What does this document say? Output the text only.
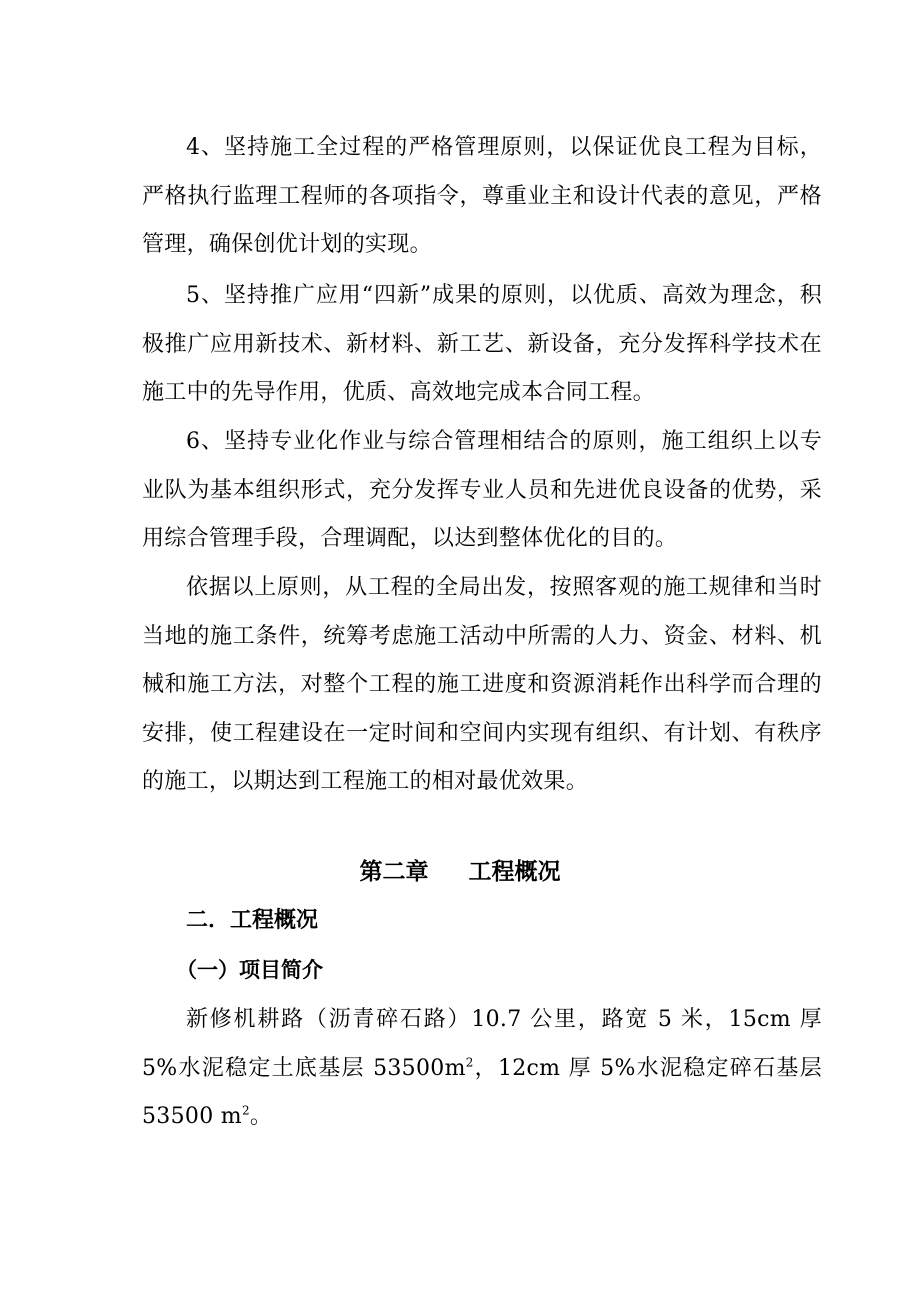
4、坚持施工全过程的严格管理原则，以保证优良工程为目标，严格执行监理工程师的各项指令，尊重业主和设计代表的意见，严格管理，确保创优计划的实现。

5、坚持推广应用“四新”成果的原则，以优质、高效为理念，积极推广应用新技术、新材料、新工艺、新设备，充分发挥科学技术在施工中的先导作用，优质、高效地完成本合同工程。

6、坚持专业化作业与综合管理相结合的原则，施工组织上以专业队为基本组织形式，充分发挥专业人员和先进优良设备的优势，采用综合管理手段，合理调配，以达到整体优化的目的。

依据以上原则，从工程的全局出发，按照客观的施工规律和当时当地的施工条件，统筹考虑施工活动中所需的人力、资金、材料、机械和施工方法，对整个工程的施工进度和资源消耗作出科学而合理的安排，使工程建设在一定时间和空间内实现有组织、有计划、有秩序的施工，以期达到工程施工的相对最优效果。

第二章 工程概况
二．工程概况
（一）项目简介

新修机耕路（沥青碎石路）10.7 公里，路宽 5 米，15cm 厚 5%水泥稳定土底基层 $53500m^2$，12cm 厚 5%水泥稳定碎石基层 53500 $m^2$。
